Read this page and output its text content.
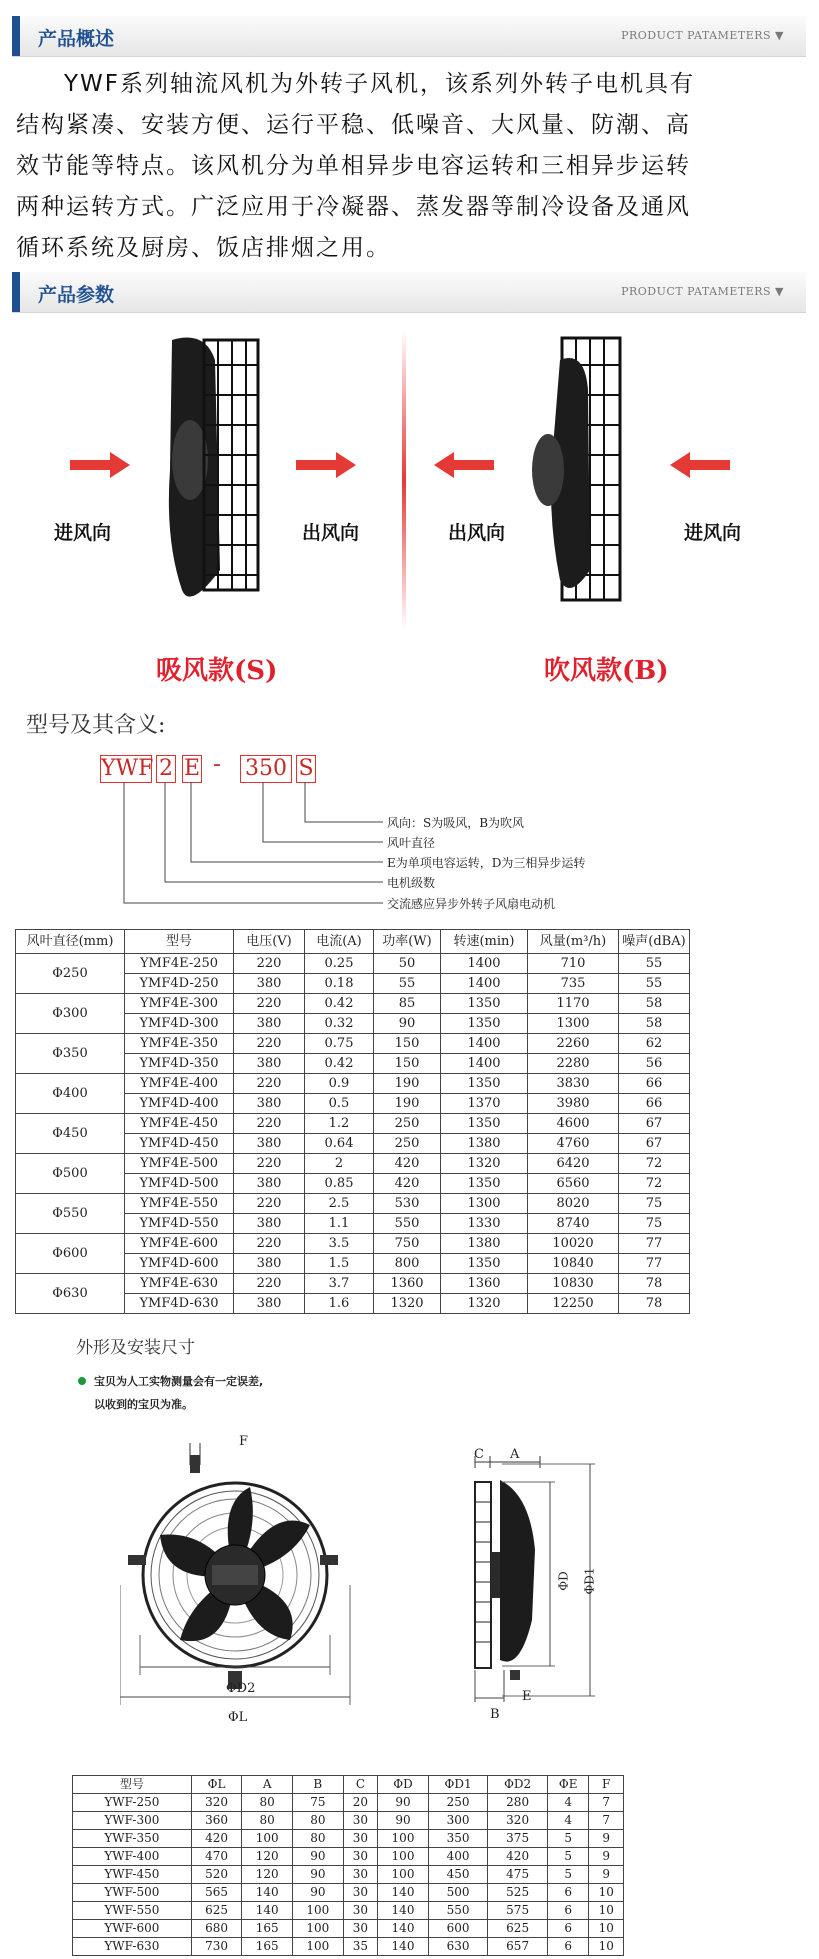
产品概述	PRODUCT PATAMETERS ▼

YWF系列轴流风机为外转子风机，该系列外转子电机具有

结构紧凑、安装方便、运行平稳、低噪音、大风量、防潮、高

效节能等特点。该风机分为单相异步电容运转和三相异步运转

两种运转方式。广泛应用于冷凝器、蒸发器等制冷设备及通风

循环系统及厨房、饭店排烟之用。

产品参数	PRODUCT PATAMETERS ▼
进风向	出风向	出风向	进风向
吸风款(S)	吹风款(B)
型号及其含义:
YWF 2 E - 350 S
风向：S为吸风，B为吹风
风叶直径
E为单项电容运转，D为三相异步运转
电机级数
交流感应异步外转子风扇电动机
风叶直径(mm)	型号	电压(V)	电流(A)	功率(W)	转速(min)	风量(m³/h)	噪声(dBA)
Φ250	YMF4E-250	220	0.25	50	1400	710	55
	YMF4D-250	380	0.18	55	1400	735	55
Φ300	YMF4E-300	220	0.42	85	1350	1170	58
	YMF4D-300	380	0.32	90	1350	1300	58
Φ350	YMF4E-350	220	0.75	150	1400	2260	62
	YMF4D-350	380	0.42	150	1400	2280	56
Φ400	YMF4E-400	220	0.9	190	1350	3830	66
	YMF4D-400	380	0.5	190	1370	3980	66
Φ450	YMF4E-450	220	1.2	250	1350	4600	67
	YMF4D-450	380	0.64	250	1380	4760	67
Φ500	YMF4E-500	220	2	420	1320	6420	72
	YMF4D-500	380	0.85	420	1350	6560	72
Φ550	YMF4E-550	220	2.5	530	1300	8020	75
	YMF4D-550	380	1.1	550	1330	8740	75
Φ600	YMF4E-600	220	3.5	750	1380	10020	77
	YMF4D-600	380	1.5	800	1350	10840	77
Φ630	YMF4E-630	220	3.7	1360	1360	10830	78
	YMF4D-630	380	1.6	1320	1320	12250	78
外形及安装尺寸
宝贝为人工实物测量会有一定误差,
以收到的宝贝为准。
F
ΦD2
ΦL
C A
ΦD ΦD1
E
B
型号	ΦL	A	B	C	ΦD	ΦD1	ΦD2	ΦE	F
YWF-250	320	80	75	20	90	250	280	4	7
YWF-300	360	80	80	30	90	300	320	4	7
YWF-350	420	100	80	30	100	350	375	5	9
YWF-400	470	120	90	30	100	400	420	5	9
YWF-450	520	120	90	30	100	450	475	5	9
YWF-500	565	140	90	30	140	500	525	6	10
YWF-550	625	140	100	30	140	550	575	6	10
YWF-600	680	165	100	30	140	600	625	6	10
YWF-630	730	165	100	35	140	630	657	6	10
